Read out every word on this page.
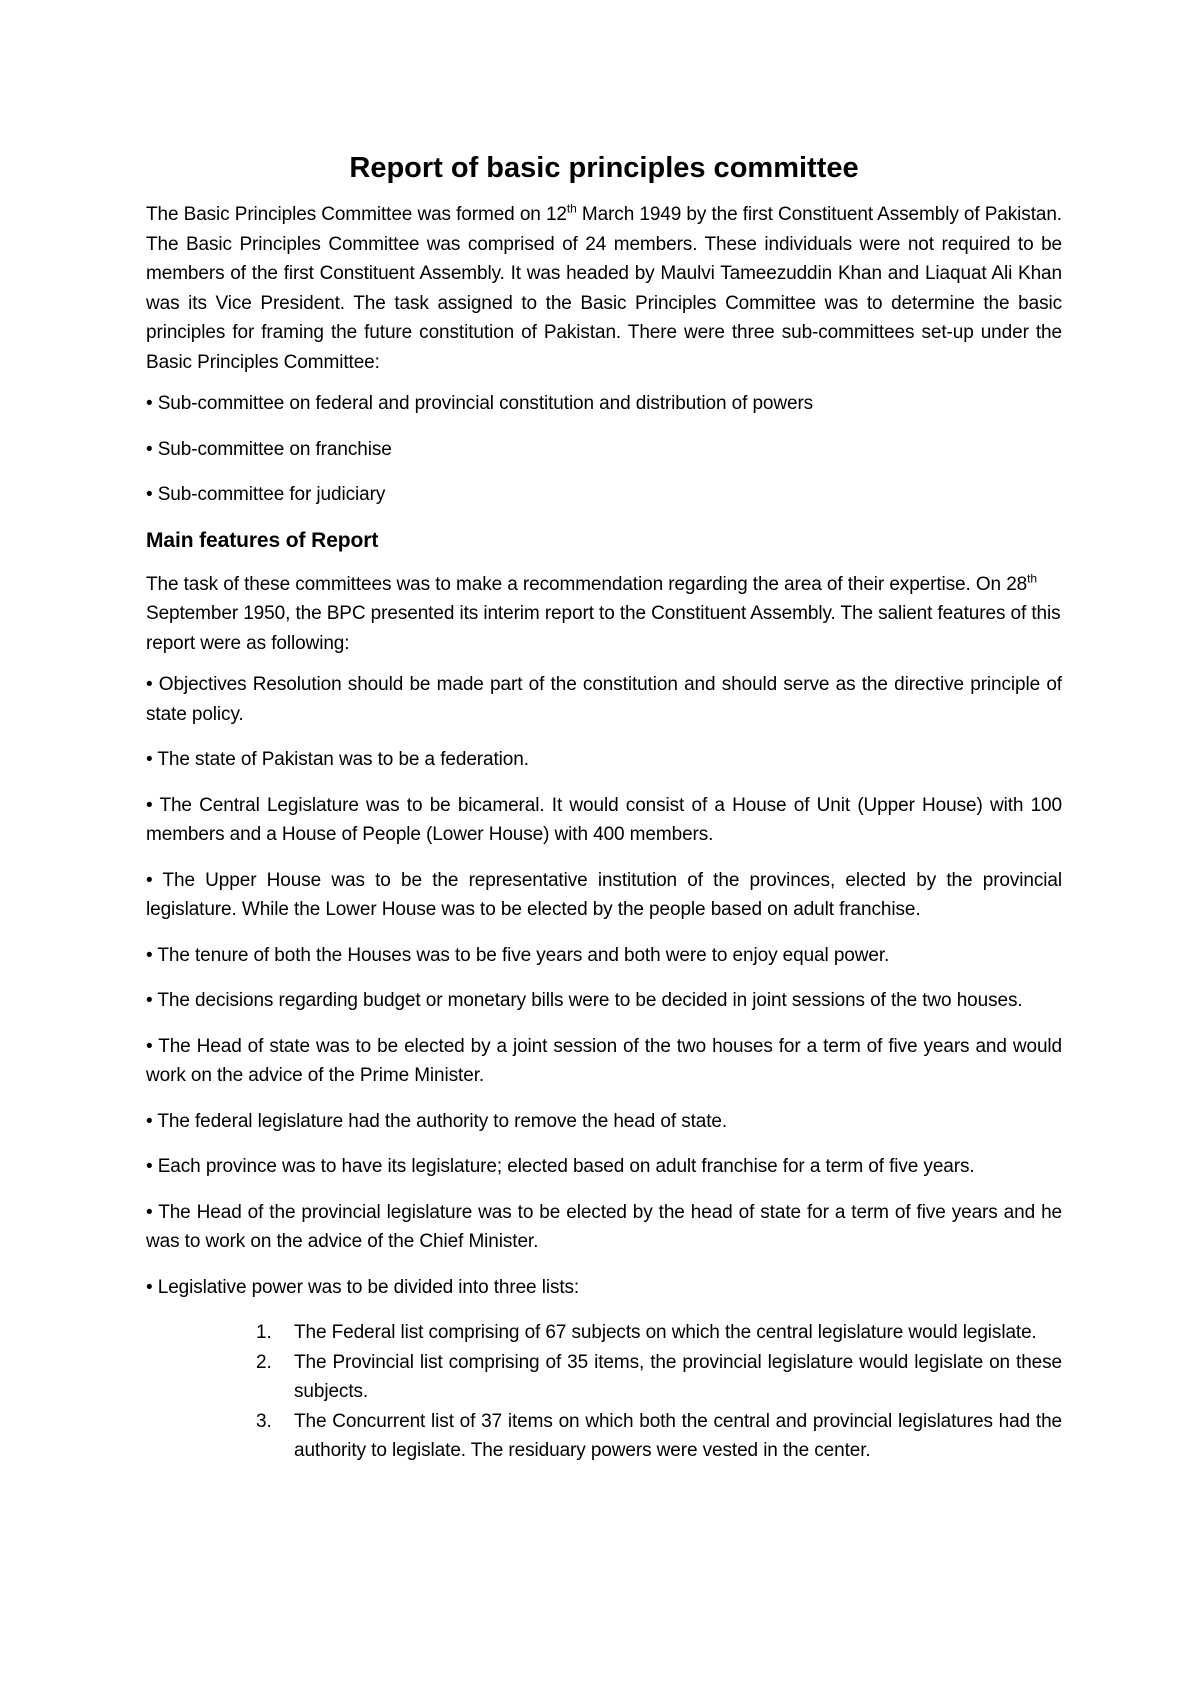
Report of basic principles committee

The Basic Principles Committee was formed on 12th March 1949 by the first Constituent Assembly of Pakistan. The Basic Principles Committee was comprised of 24 members. These individuals were not required to be members of the first Constituent Assembly. It was headed by Maulvi Tameezuddin Khan and Liaquat Ali Khan was its Vice President. The task assigned to the Basic Principles Committee was to determine the basic principles for framing the future constitution of Pakistan. There were three sub-committees set-up under the Basic Principles Committee:

• Sub-committee on federal and provincial constitution and distribution of powers

• Sub-committee on franchise

• Sub-committee for judiciary

Main features of Report

The task of these committees was to make a recommendation regarding the area of their expertise. On 28th September 1950, the BPC presented its interim report to the Constituent Assembly. The salient features of this report were as following:

• Objectives Resolution should be made part of the constitution and should serve as the directive principle of state policy.

• The state of Pakistan was to be a federation.

• The Central Legislature was to be bicameral. It would consist of a House of Unit (Upper House) with 100 members and a House of People (Lower House) with 400 members.

• The Upper House was to be the representative institution of the provinces, elected by the provincial legislature. While the Lower House was to be elected by the people based on adult franchise.

• The tenure of both the Houses was to be five years and both were to enjoy equal power.

• The decisions regarding budget or monetary bills were to be decided in joint sessions of the two houses.

• The Head of state was to be elected by a joint session of the two houses for a term of five years and would work on the advice of the Prime Minister.

• The federal legislature had the authority to remove the head of state.

• Each province was to have its legislature; elected based on adult franchise for a term of five years.

• The Head of the provincial legislature was to be elected by the head of state for a term of five years and he was to work on the advice of the Chief Minister.

• Legislative power was to be divided into three lists:

1. The Federal list comprising of 67 subjects on which the central legislature would legislate.
2. The Provincial list comprising of 35 items, the provincial legislature would legislate on these subjects.
3. The Concurrent list of 37 items on which both the central and provincial legislatures had the authority to legislate. The residuary powers were vested in the center.
